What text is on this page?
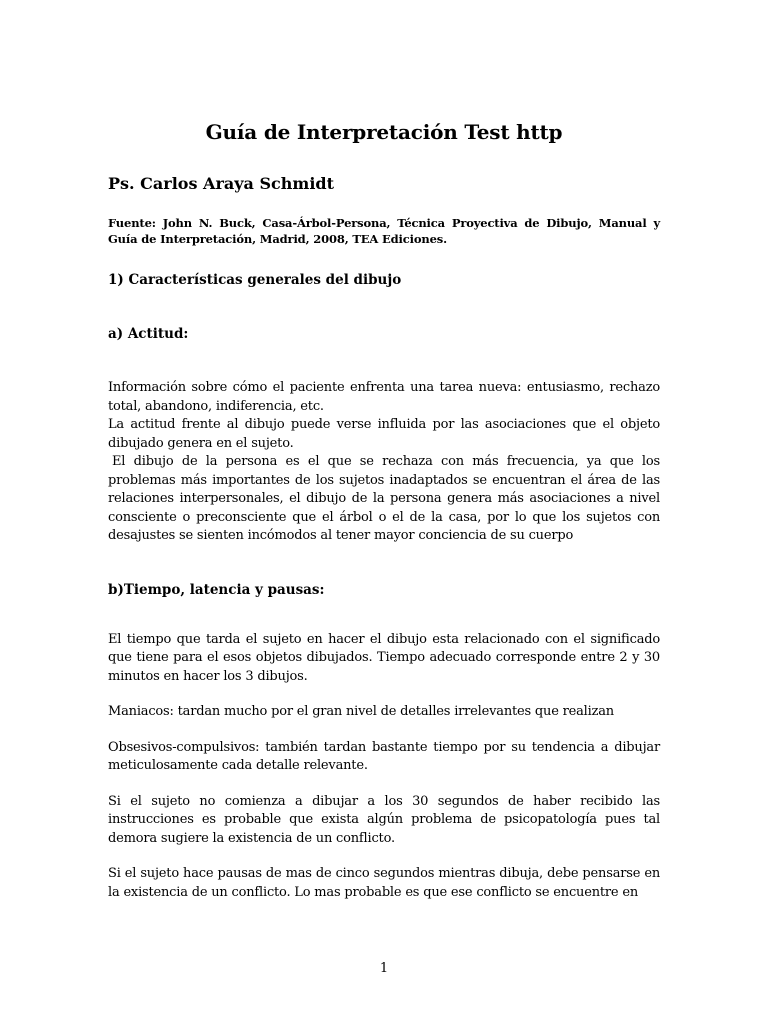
Guía de Interpretación Test http

Ps. Carlos Araya Schmidt

Fuente: John N. Buck, Casa-Árbol-Persona, Técnica Proyectiva de Dibujo, Manual y Guía de Interpretación, Madrid, 2008, TEA Ediciones.

1) Características generales del dibujo

a) Actitud:

Información sobre cómo el paciente enfrenta una tarea nueva: entusiasmo, rechazo total, abandono, indiferencia, etc.

La actitud frente al dibujo puede verse influida por las asociaciones que el objeto dibujado genera en el sujeto.

El dibujo de la persona es el que se rechaza con más frecuencia, ya que los problemas más importantes de los sujetos inadaptados se encuentran el área de las relaciones interpersonales, el dibujo de la persona genera más asociaciones a nivel consciente o preconsciente que el árbol o el de la casa, por lo que los sujetos con desajustes se sienten incómodos al tener mayor conciencia de su cuerpo

b)Tiempo, latencia y pausas:

El tiempo que tarda el sujeto en hacer el dibujo esta relacionado con el significado que tiene para el esos objetos dibujados. Tiempo adecuado corresponde entre 2 y 30 minutos en hacer los 3 dibujos.

Maniacos: tardan mucho por el gran nivel de detalles irrelevantes que realizan

Obsesivos-compulsivos: también tardan bastante tiempo por su tendencia a dibujar meticulosamente cada detalle relevante.

Si el sujeto no comienza a dibujar a los 30 segundos de haber recibido las instrucciones es probable que exista algún problema de psicopatología pues tal demora sugiere la existencia de un conflicto.

Si el sujeto hace pausas de mas de cinco segundos mientras dibuja, debe pensarse en la existencia de un conflicto. Lo mas probable es que ese conflicto se encuentre en

1
